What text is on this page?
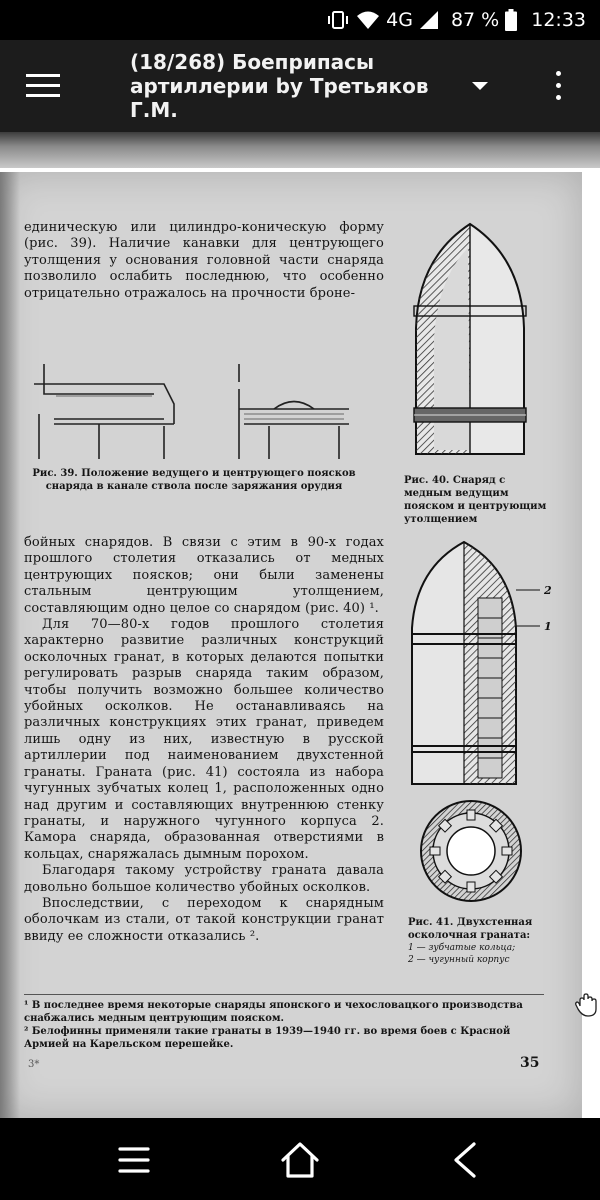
4G 87 % 12:33
(18/268) Боеприпасы артиллерии by Третьяков Г.М.
единическую или цилиндро-коническую форму (рис. 39). Наличие канавки для центрующего утолщения у основания головной части снаряда позволило ослабить последнюю, что особенно отрицательно отражалось на прочности броне-
Рис. 39. Положение ведущего и центрующего поясков снаряда в канале ствола после заряжания орудия
Рис. 40. Снаряд с медным ведущим пояском и центрующим утолщением

бойных снарядов. В связи с этим в 90-х годах прошлого столетия отказались от медных центрующих поясков; они были заменены стальным центрующим утолщением, составляющим одно целое со снарядом (рис. 40) ¹.

Для 70—80-х годов прошлого столетия характерно развитие различных конструкций осколочных гранат, в которых делаются попытки регулировать разрыв снаряда таким образом, чтобы получить возможно большее количество убойных осколков. Не останавливаясь на различных конструкциях этих гранат, приведем лишь одну из них, известную в русской артиллерии под наименованием двухстенной гранаты. Граната (рис. 41) состояла из набора чугунных зубчатых колец 1, расположенных одно над другим и составляющих внутреннюю стенку гранаты, и наружного чугунного корпуса 2. Камора снаряда, образованная отверстиями в кольцах, снаряжалась дымным порохом.

Благодаря такому устройству граната давала довольно большое количество убойных осколков.

Впоследствии, с переходом к снарядным оболочкам из стали, от такой конструкции гранат ввиду ее сложности отказались ².

2
1
Рис. 41. Двухстенная осколочная граната:
1 — зубчатые кольца;
2 — чугунный корпус

¹ В последнее время некоторые снаряды японского и чехословацкого производства снабжались медным центрующим пояском.

² Белофинны применяли такие гранаты в 1939—1940 гг. во время боев с Красной Армией на Карельском перешейке.

3*	35
